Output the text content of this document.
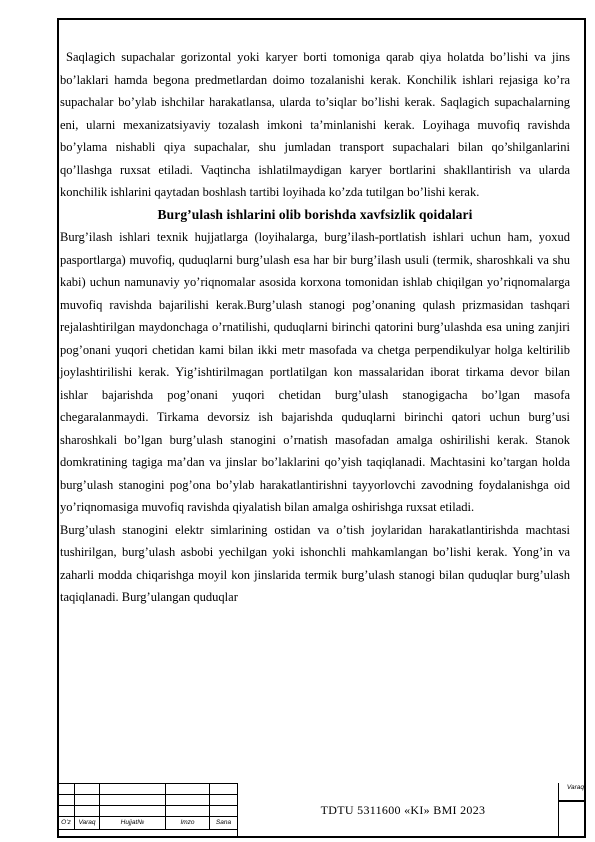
Saqlagich supachalar gorizontal yoki karyer borti tomoniga qarab qiya holatda bo’lishi va jins bo’laklari hamda begona predmetlardan doimo tozalanishi kerak. Konchilik ishlari rejasiga ko’ra supachalar bo’ylab ishchilar harakatlansa, ularda to’siqlar bo’lishi kerak. Saqlagich supachalarning eni, ularni mexanizatsiyaviy tozalash imkoni ta’minlanishi kerak. Loyihaga muvofiq ravishda bo’ylama nishabli qiya supachalar, shu jumladan transport supachalari bilan qo’shilganlarini qo’llashga ruxsat etiladi. Vaqtincha ishlatilmaydigan karyer bortlarini shakllantirish va ularda konchilik ishlarini qaytadan boshlash tartibi loyihada ko’zda tutilgan bo’lishi kerak.

Burg’ulash ishlarini olib borishda xavfsizlik qoidalari

Burg’ilash ishlari texnik hujjatlarga (loyihalarga, burg’ilash-portlatish ishlari uchun ham, yoxud pasportlarga) muvofiq, quduqlarni burg’ulash esa har bir burg’ilash usuli (termik, sharoshkali va shu kabi) uchun namunaviy yo’riqnomalar asosida korxona tomonidan ishlab chiqilgan yo’riqnomalarga muvofiq ravishda bajarilishi kerak.Burg’ulash stanogi pog’onaning qulash prizmasidan tashqari rejalashtirilgan maydonchaga o’rnatilishi, quduqlarni birinchi qatorini burg’ulashda esa uning zanjiri pog’onani yuqori chetidan kami bilan ikki metr masofada va chetga perpendikulyar holga keltirilib joylashtirilishi kerak. Yig’ishtirilmagan portlatilgan kon massalaridan iborat tirkama devor bilan ishlar bajarishda pog’onani yuqori chetidan burg’ulash stanogigacha bo’lgan masofa chegaralanmaydi. Tirkama devorsiz ish bajarishda quduqlarni birinchi qatori uchun burg’usi sharoshkali bo’lgan burg’ulash stanogini o’rnatish masofadan amalga oshirilishi kerak. Stanok domkratining tagiga ma’dan va jinslar bo’laklarini qo’yish taqiqlanadi. Machtasini ko’targan holda burg’ulash stanogini pog’ona bo’ylab harakatlantirishni tayyorlovchi zavodning foydalanishga oid yo’riqnomasiga muvofiq ravishda qiyalatish bilan amalga oshirishga ruxsat etiladi.

Burg’ulash stanogini elektr simlarining ostidan va o’tish joylaridan harakatlantirishda machtasi tushirilgan, burg’ulash asbobi yechilgan yoki ishonchli mahkamlangan bo’lishi kerak. Yong’in va zaharli modda chiqarishga moyil kon jinslarida termik burg’ulash stanogi bilan quduqlar burg’ulash taqiqlanadi. Burg’ulangan quduqlar

O’z	Varaq	Hujjat№	Imzo	Sana
TDTU 5311600 «KI» BMI 2023
Varaq
